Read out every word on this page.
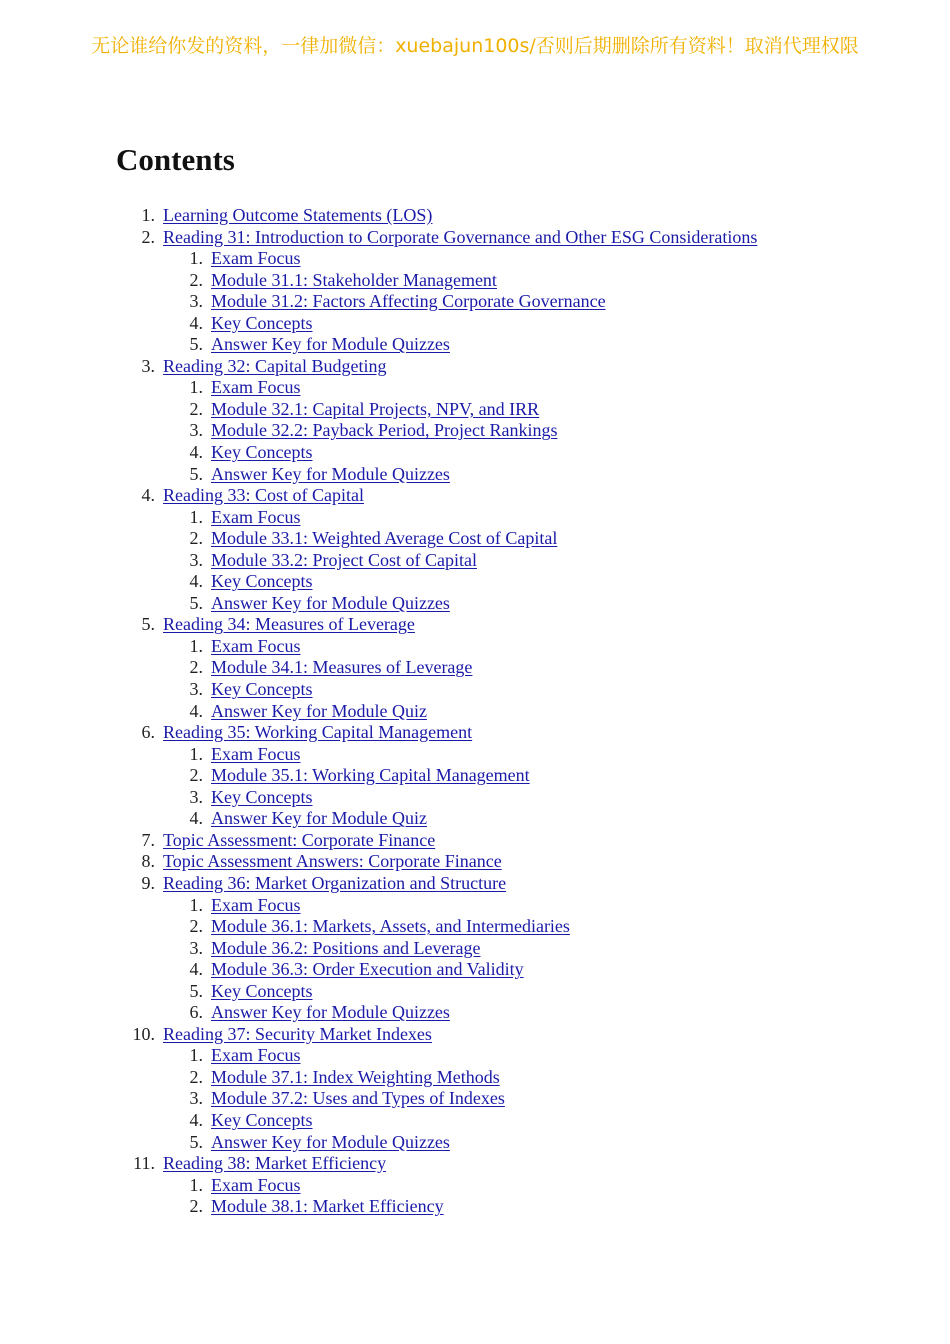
无论谁给你发的资料，一律加微信：xuebajun100s/否则后期删除所有资料！取消代理权限
Contents
1. Learning Outcome Statements (LOS)
2. Reading 31: Introduction to Corporate Governance and Other ESG Considerations
1. Exam Focus
2. Module 31.1: Stakeholder Management
3. Module 31.2: Factors Affecting Corporate Governance
4. Key Concepts
5. Answer Key for Module Quizzes
3. Reading 32: Capital Budgeting
1. Exam Focus
2. Module 32.1: Capital Projects, NPV, and IRR
3. Module 32.2: Payback Period, Project Rankings
4. Key Concepts
5. Answer Key for Module Quizzes
4. Reading 33: Cost of Capital
1. Exam Focus
2. Module 33.1: Weighted Average Cost of Capital
3. Module 33.2: Project Cost of Capital
4. Key Concepts
5. Answer Key for Module Quizzes
5. Reading 34: Measures of Leverage
1. Exam Focus
2. Module 34.1: Measures of Leverage
3. Key Concepts
4. Answer Key for Module Quiz
6. Reading 35: Working Capital Management
1. Exam Focus
2. Module 35.1: Working Capital Management
3. Key Concepts
4. Answer Key for Module Quiz
7. Topic Assessment: Corporate Finance
8. Topic Assessment Answers: Corporate Finance
9. Reading 36: Market Organization and Structure
1. Exam Focus
2. Module 36.1: Markets, Assets, and Intermediaries
3. Module 36.2: Positions and Leverage
4. Module 36.3: Order Execution and Validity
5. Key Concepts
6. Answer Key for Module Quizzes
10. Reading 37: Security Market Indexes
1. Exam Focus
2. Module 37.1: Index Weighting Methods
3. Module 37.2: Uses and Types of Indexes
4. Key Concepts
5. Answer Key for Module Quizzes
11. Reading 38: Market Efficiency
1. Exam Focus
2. Module 38.1: Market Efficiency
